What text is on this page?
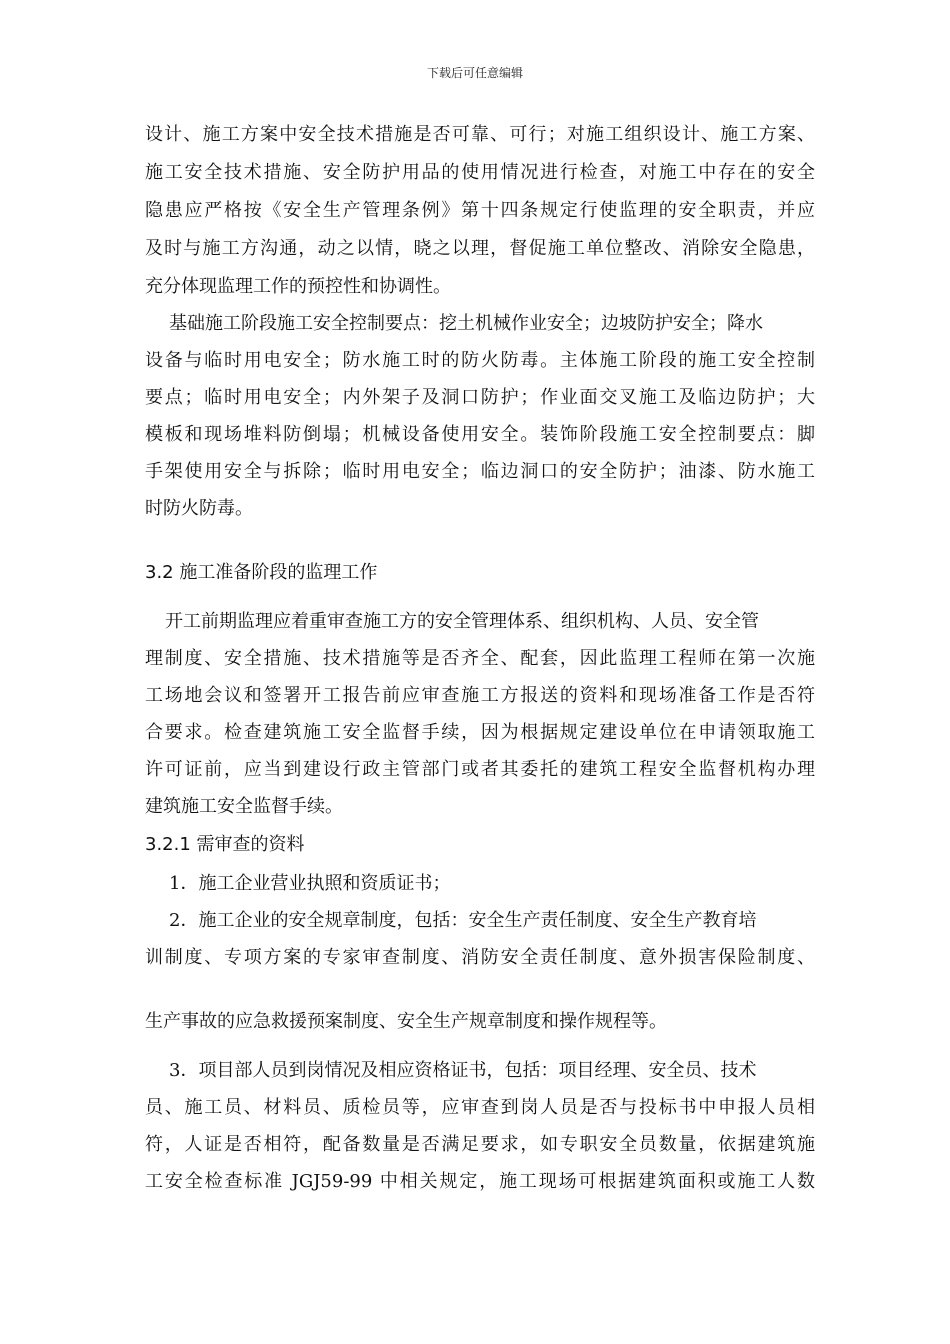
下载后可任意编辑
设计、施工方案中安全技术措施是否可靠、可行；对施工组织设计、施工方案、
施工安全技术措施、安全防护用品的使用情况进行检查，对施工中存在的安全
隐患应严格按《安全生产管理条例》第十四条规定行使监理的安全职责，并应
及时与施工方沟通，动之以情，晓之以理，督促施工单位整改、消除安全隐患，
充分体现监理工作的预控性和协调性。
基础施工阶段施工安全控制要点：挖土机械作业安全；边坡防护安全；降水
设备与临时用电安全；防水施工时的防火防毒。主体施工阶段的施工安全控制
要点；临时用电安全；内外架子及洞口防护；作业面交叉施工及临边防护；大
模板和现场堆料防倒塌；机械设备使用安全。装饰阶段施工安全控制要点：脚
手架使用安全与拆除；临时用电安全；临边洞口的安全防护；油漆、防水施工
时防火防毒。
3.2 施工准备阶段的监理工作
开工前期监理应着重审查施工方的安全管理体系、组织机构、人员、安全管
理制度、安全措施、技术措施等是否齐全、配套，因此监理工程师在第一次施
工场地会议和签署开工报告前应审查施工方报送的资料和现场准备工作是否符
合要求。检查建筑施工安全监督手续，因为根据规定建设单位在申请领取施工
许可证前，应当到建设行政主管部门或者其委托的建筑工程安全监督机构办理
建筑施工安全监督手续。
3.2.1 需审查的资料
1．施工企业营业执照和资质证书；
2．施工企业的安全规章制度，包括：安全生产责任制度、安全生产教育培
训制度、专项方案的专家审查制度、消防安全责任制度、意外损害保险制度、
生产事故的应急救援预案制度、安全生产规章制度和操作规程等。
3．项目部人员到岗情况及相应资格证书，包括：项目经理、安全员、技术
员、施工员、材料员、质检员等，应审查到岗人员是否与投标书中申报人员相
符，人证是否相符，配备数量是否满足要求，如专职安全员数量，依据建筑施
工安全检查标准 JGJ59-99 中相关规定，施工现场可根据建筑面积或施工人数
